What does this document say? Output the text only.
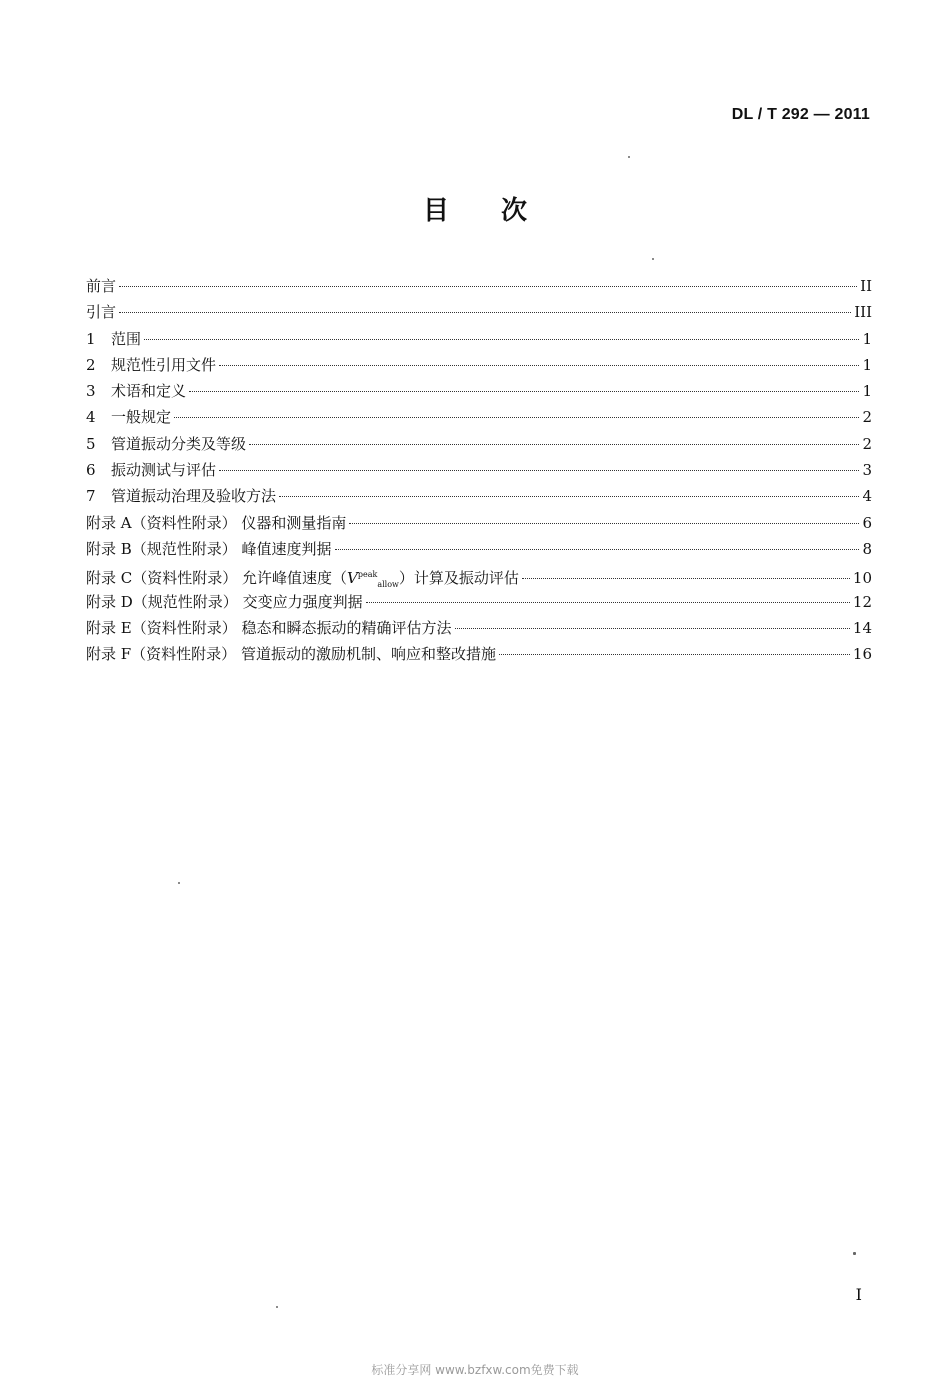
DL / T 292 — 2011
目 次
前言	II
引言	III
1	范围	1
2	规范性引用文件	1
3	术语和定义	1
4	一般规定	2
5	管道振动分类及等级	2
6	振动测试与评估	3
7	管道振动治理及验收方法	4
附录 A（资料性附录） 仪器和测量指南	6
附录 B（规范性附录） 峰值速度判据	8
附录 C（资料性附录） 允许峰值速度$(V^{peak}_{allow})$计算及振动评估	10
附录 D（规范性附录） 交变应力强度判据	12
附录 E（资料性附录） 稳态和瞬态振动的精确评估方法	14
附录 F（资料性附录） 管道振动的激励机制、响应和整改措施	16
I
标准分享网 www.bzfxw.com免费下载
